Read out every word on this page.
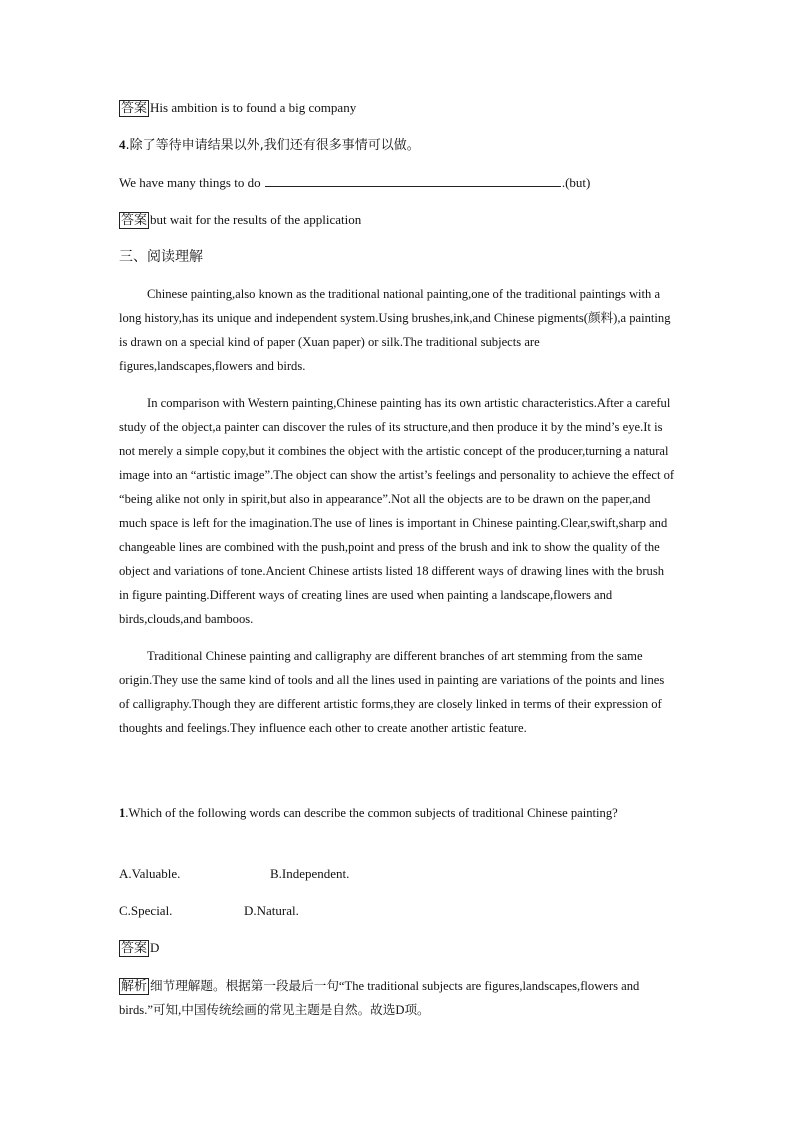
答案 His ambition is to found a big company
4.除了等待申请结果以外,我们还有很多事情可以做。
We have many things to do	.(but)
答案 but wait for the results of the application
三、阅读理解

Chinese painting,also known as the traditional national painting,one of the traditional paintings with a long history,has its unique and independent system.Using brushes,ink,and Chinese pigments(颜料),a painting is drawn on a special kind of paper (Xuan paper) or silk.The traditional subjects are figures,landscapes,flowers and birds.

In comparison with Western painting,Chinese painting has its own artistic characteristics.After a careful study of the object,a painter can discover the rules of its structure,and then produce it by the mind’s eye.It is not merely a simple copy,but it combines the object with the artistic concept of the producer,turning a natural image into an “artistic image”.The object can show the artist’s feelings and personality to achieve the effect of “being alike not only in spirit,but also in appearance”.Not all the objects are to be drawn on the paper,and much space is left for the imagination.The use of lines is important in Chinese painting.Clear,swift,sharp and changeable lines are combined with the push,point and press of the brush and ink to show the quality of the object and variations of tone.Ancient Chinese artists listed 18 different ways of drawing lines with the brush in figure painting.Different ways of creating lines are used when painting a landscape,flowers and birds,clouds,and bamboos.

Traditional Chinese painting and calligraphy are different branches of art stemming from the same origin.They use the same kind of tools and all the lines used in painting are variations of the points and lines of calligraphy.Though they are different artistic forms,they are closely linked in terms of their expression of thoughts and feelings.They influence each other to create another artistic feature.

1.Which of the following words can describe the common subjects of traditional Chinese painting?

A.Valuable.	B.Independent.
C.Special.	D.Natural.
答案 D

解析 细节理解题。根据第一段最后一句“The traditional subjects are figures,landscapes,flowers and birds.”可知,中国传统绘画的常见主题是自然。故选D项。
